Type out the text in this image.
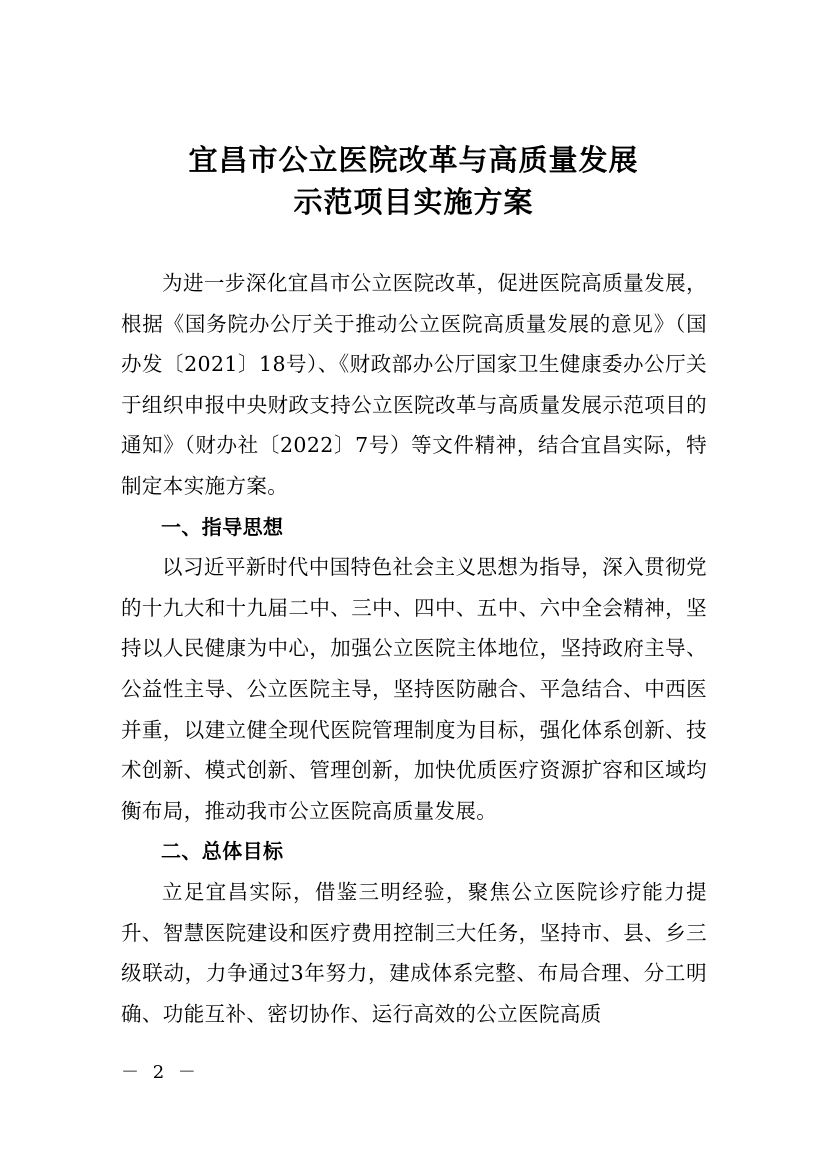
宜昌市公立医院改革与高质量发展
示范项目实施方案

为进一步深化宜昌市公立医院改革，促进医院高质量发展，根据《国务院办公厅关于推动公立医院高质量发展的意见》（国办发〔2021〕18号）、《财政部办公厅国家卫生健康委办公厅关于组织申报中央财政支持公立医院改革与高质量发展示范项目的通知》（财办社〔2022〕7号）等文件精神，结合宜昌实际，特制定本实施方案。

一、指导思想

以习近平新时代中国特色社会主义思想为指导，深入贯彻党的十九大和十九届二中、三中、四中、五中、六中全会精神，坚持以人民健康为中心，加强公立医院主体地位，坚持政府主导、公益性主导、公立医院主导，坚持医防融合、平急结合、中西医并重，以建立健全现代医院管理制度为目标，强化体系创新、技术创新、模式创新、管理创新，加快优质医疗资源扩容和区域均衡布局，推动我市公立医院高质量发展。

二、总体目标

立足宜昌实际，借鉴三明经验，聚焦公立医院诊疗能力提升、智慧医院建设和医疗费用控制三大任务，坚持市、县、乡三级联动，力争通过3年努力，建成体系完整、布局合理、分工明确、功能互补、密切协作、运行高效的公立医院高质

－ 2 －
